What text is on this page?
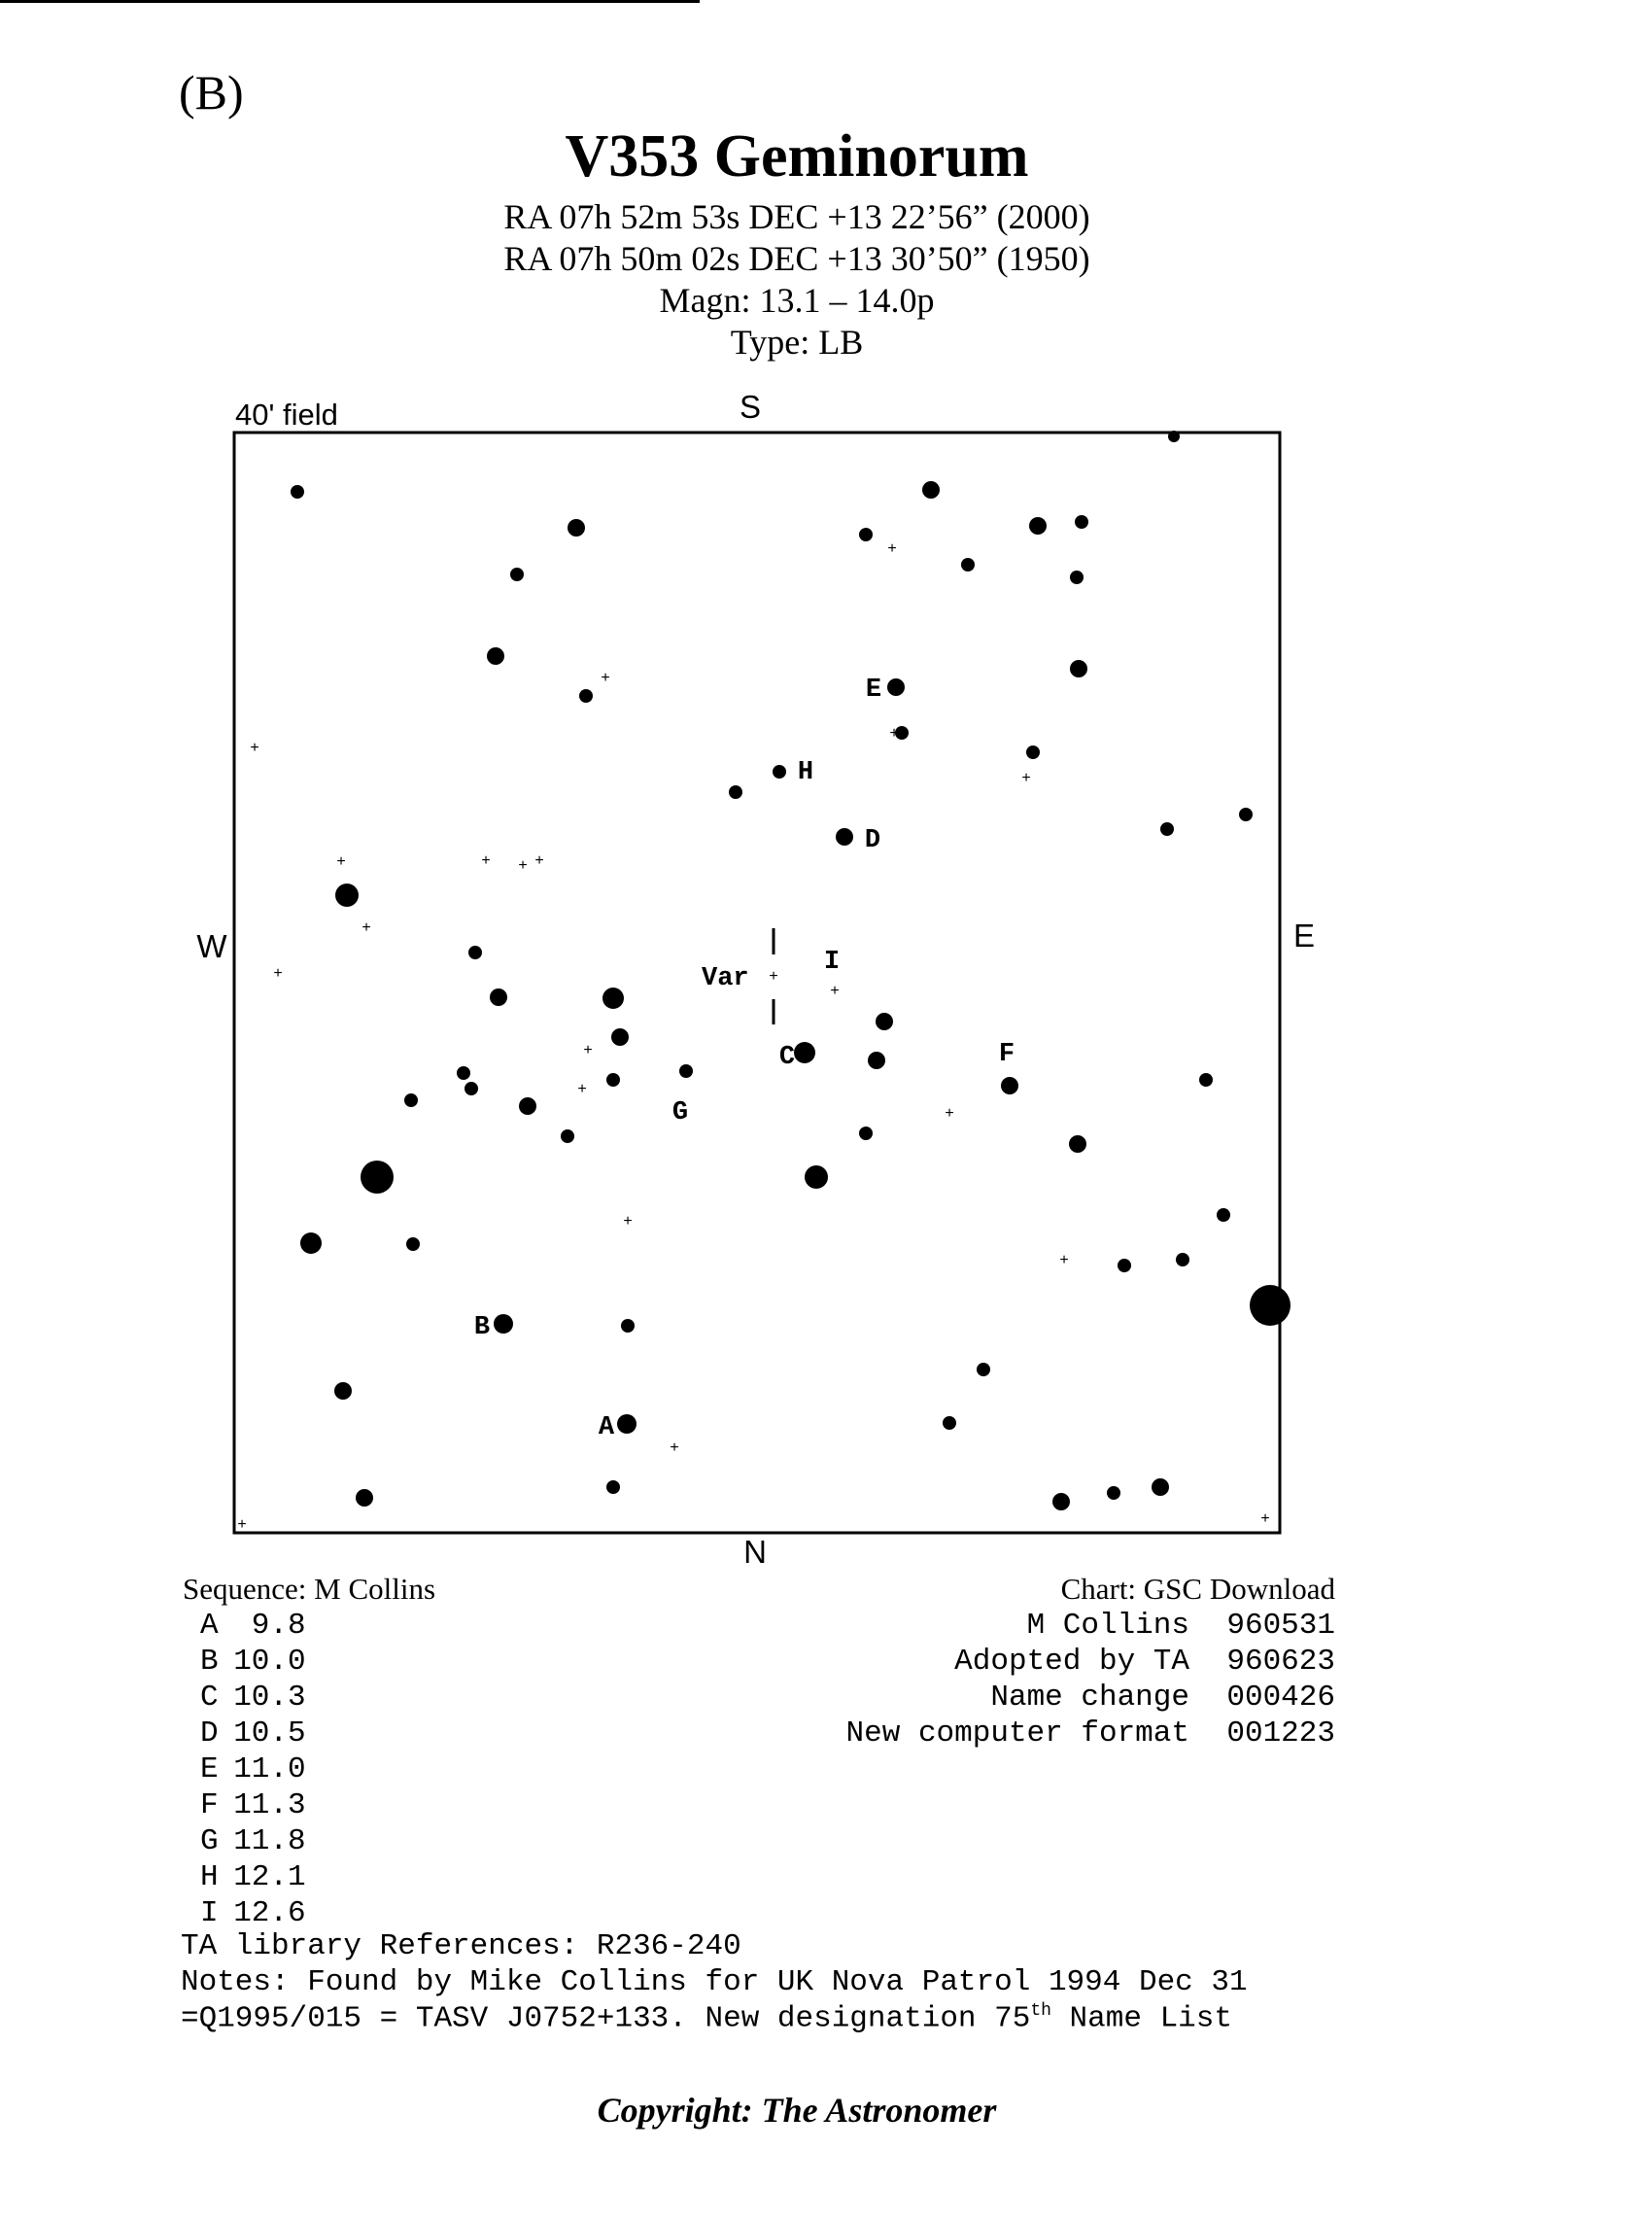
(B)
V353 Geminorum
RA 07h 52m 53s DEC +13 22’56” (2000)
RA 07h 50m 02s DEC +13 30’50” (1950)
Magn: 13.1 – 14.0p
Type: LB
40' field	S
N
W	E
+
+
+
+
+
+ + +
+
+
+
+
+
+
+
+
+
+
+
+
+
Var
A
B
C
D
E
F
G
H
I
Sequence: M Collins
A 9.8
B 10.0
C 10.3
D 10.5
E 11.0
F 11.3
G 11.8
H 12.1
I 12.6
Chart: GSC Download
M Collins 960531
Adopted by TA 960623
Name change 000426
New computer format 001223
TA library References: R236-240
Notes: Found by Mike Collins for UK Nova Patrol 1994 Dec 31
=Q1995/015 = TASV J0752+133. New designation 75th Name List
Copyright: The Astronomer
